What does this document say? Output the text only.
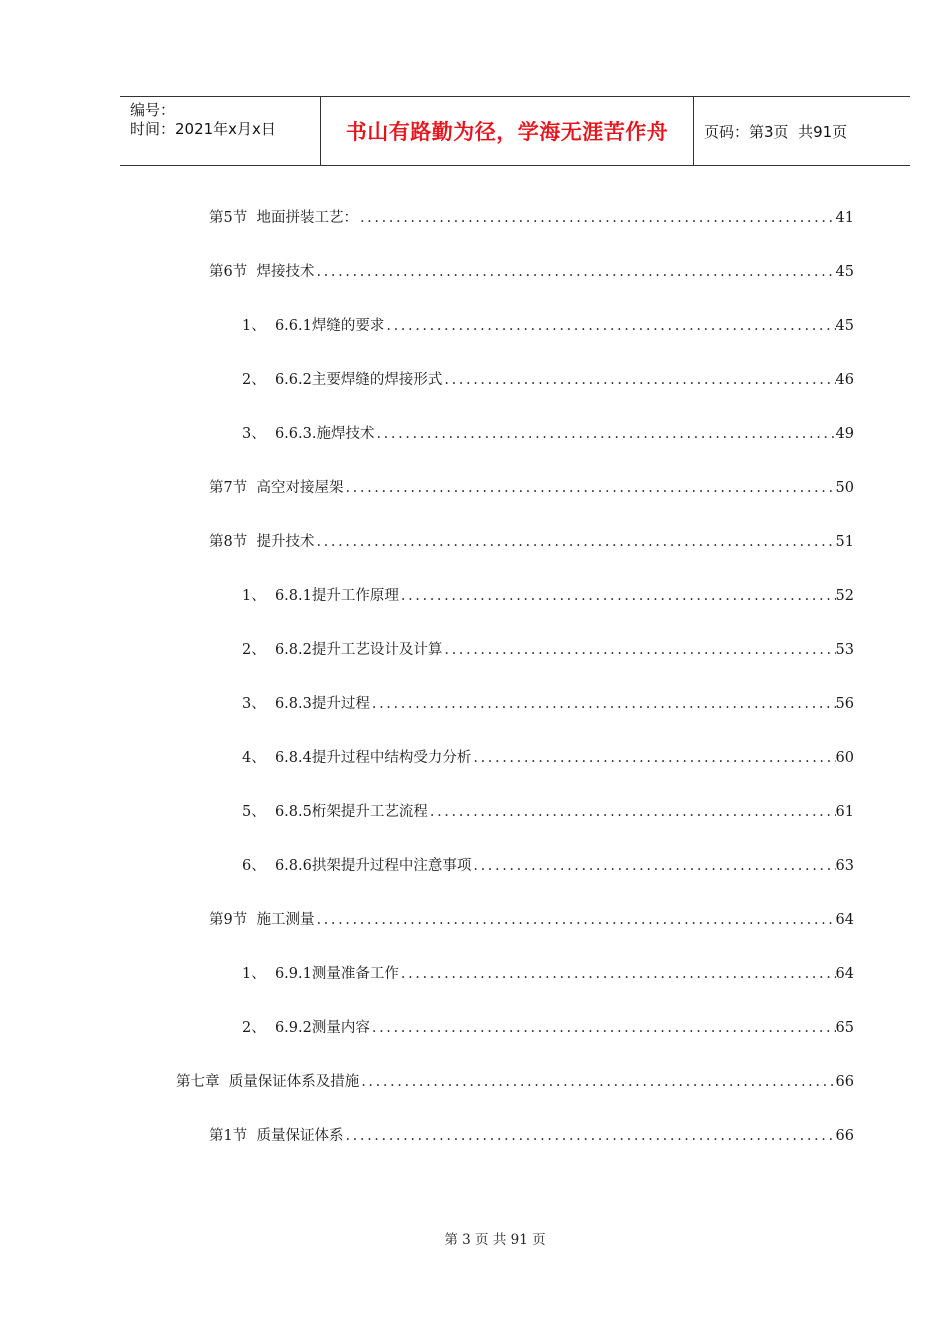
编号：
时间：2021年x月x日	书山有路勤为径，学海无涯苦作舟 页码：第3页  共91页
第5节 地面拼装工艺： .....	41
第6节 焊接技术 .....	45
1、 6.6.1焊缝的要求 .....	45
2、 6.6.2主要焊缝的焊接形式 .....	46
3、 6.6.3.施焊技术 .....	49
第7节 高空对接屋架 .....	50
第8节 提升技术 .....	51
1、 6.8.1提升工作原理 .....	52
2、 6.8.2提升工艺设计及计算 .....	53
3、 6.8.3提升过程 .....	56
4、 6.8.4提升过程中结构受力分析 .....	60
5、 6.8.5桁架提升工艺流程 .....	61
6、 6.8.6拱架提升过程中注意事项 .....	63
第9节 施工测量 .....	64
1、 6.9.1测量准备工作 .....	64
2、 6.9.2测量内容 .....	65
第七章 质量保证体系及措施 .....	66
第1节 质量保证体系 .....	66
第 3 页 共 91 页
